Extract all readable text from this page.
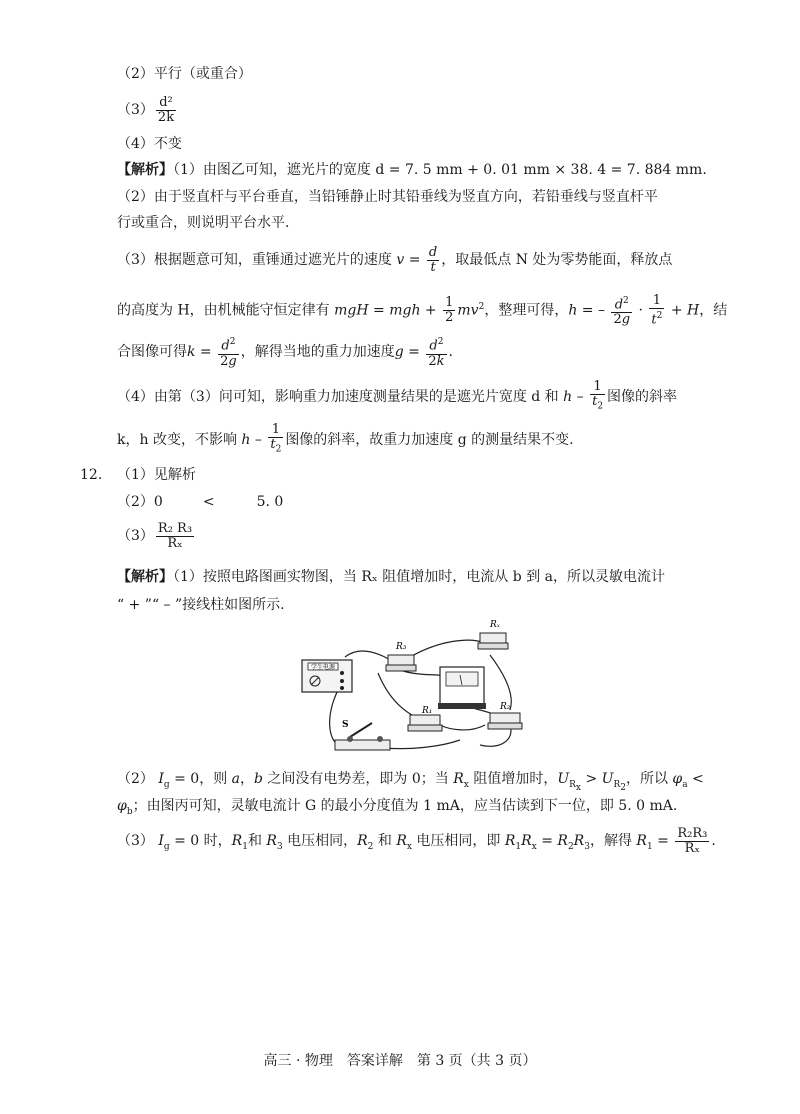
（2）平行（或重合）
$(3) \frac{\text{d²}}{2k}$
（4）不变
【解析】（1）由图乙可知，遮光片的宽度 d = 7. 5 mm + 0. 01 mm × 38. 4 = 7. 884 mm.
（2）由于竖直杆与平台垂直，当铅锤静止时其铅垂线为竖直方向，若铅垂线与竖直杆平
行或重合，则说明平台水平.
（3）根据题意可知，重锤通过遮光片的速度 $v = \frac{d}{t}$ ，取最低点 N 处为零势能面，释放点
的高度为 H，由机械能守恒定律有 mgH = mgh + $\frac{1}{2} mv^2$，整理可得，h = – $\frac{d^2}{2g} \cdot \frac{1}{t^2} + H$，结
合图像可得$k = \frac{d^2}{2g}$ ，解得当地的重力加速度$g = \frac{d^2}{2k}$ .
（4）由第（3）问可知，影响重力加速度测量结果的是遮光片宽度 d 和 h – $\frac{1}{t_2}$ 图像的斜率
k，h 改变，不影响 h – $\frac{1}{t_2}$ 图像的斜率，故重力加速度 g 的测量结果不变.
12. （1）见解析
（2）0	<	5. 0
$(3) \frac{\text{R₂ R₃}}{\text{Rₓ}}$
【解析】（1）按照电路图画实物图，当 Rₓ 阻值增加时，电流从 b 到 a，所以灵敏电流计
“ + ”“ – ”接线柱如图所示.
学生电源
R₃
Rₓ
R₁	R₂
S
（2） $I_g = 0$，则 a，b 之间没有电势差，即为 0；当 $R_x$ 阻值增加时，$U_{R_x} > U_{R_2}$，所以 $\varphi_a$ <
$\varphi_b$；由图丙可知，灵敏电流计 G 的最小分度值为 1 mA，应当估读到下一位，即 5. 0 mA.
（3） $I_g = 0$ 时，$R_1$和 $R_3$ 电压相同，$R_2$ 和 $R_x$ 电压相同，即 $R_1R_x = R_2R_3$，解得 $R_1 = \frac{\text{R₂R₃}}{\text{Rₓ}}$ .
高三 · 物理　答案详解　第 3 页（共 3 页）
